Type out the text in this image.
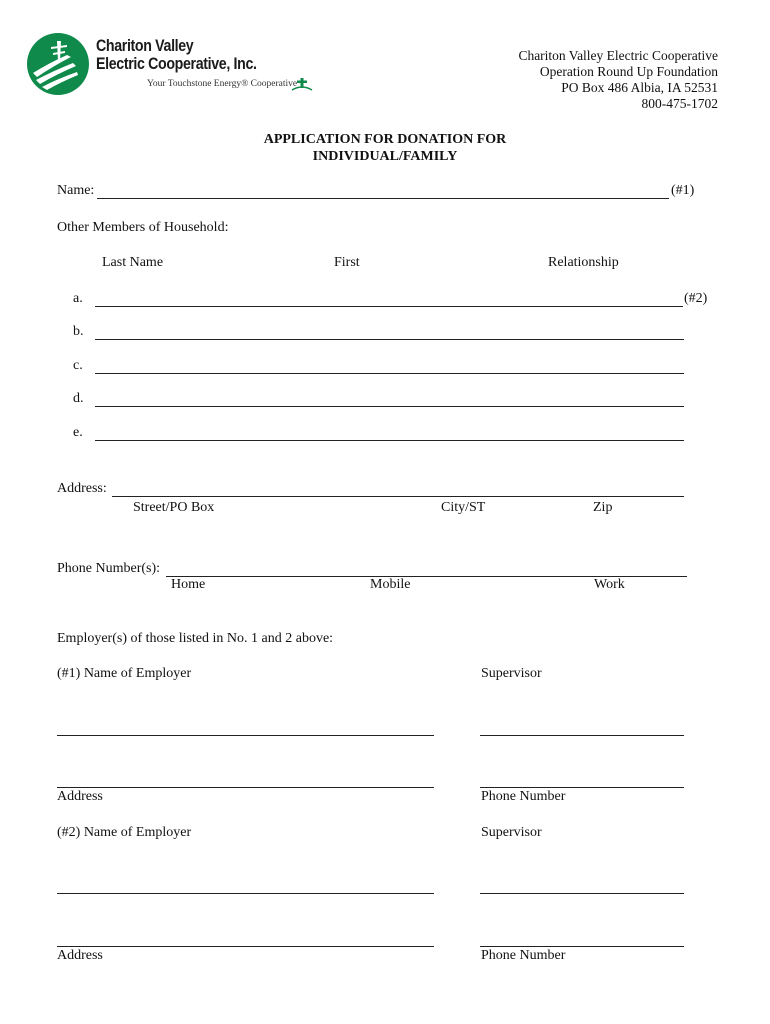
Chariton Valley
Electric Cooperative, Inc.
Your Touchstone Energy® Cooperative
Chariton Valley Electric Cooperative
Operation Round Up Foundation
PO Box 486 Albia, IA 52531
800-475-1702
APPLICATION FOR DONATION FOR
INDIVIDUAL/FAMILY
Name:	(#1)
Other Members of Household:
Last Name	First	Relationship
a.	(#2)
b.
c.
d.
e.
Address:
Street/PO Box	City/ST	Zip
Phone Number(s):
Home	Mobile	Work
Employer(s) of those listed in No. 1 and 2 above:
(#1) Name of Employer	Supervisor
Address	Phone Number
(#2) Name of Employer	Supervisor
Address	Phone Number
